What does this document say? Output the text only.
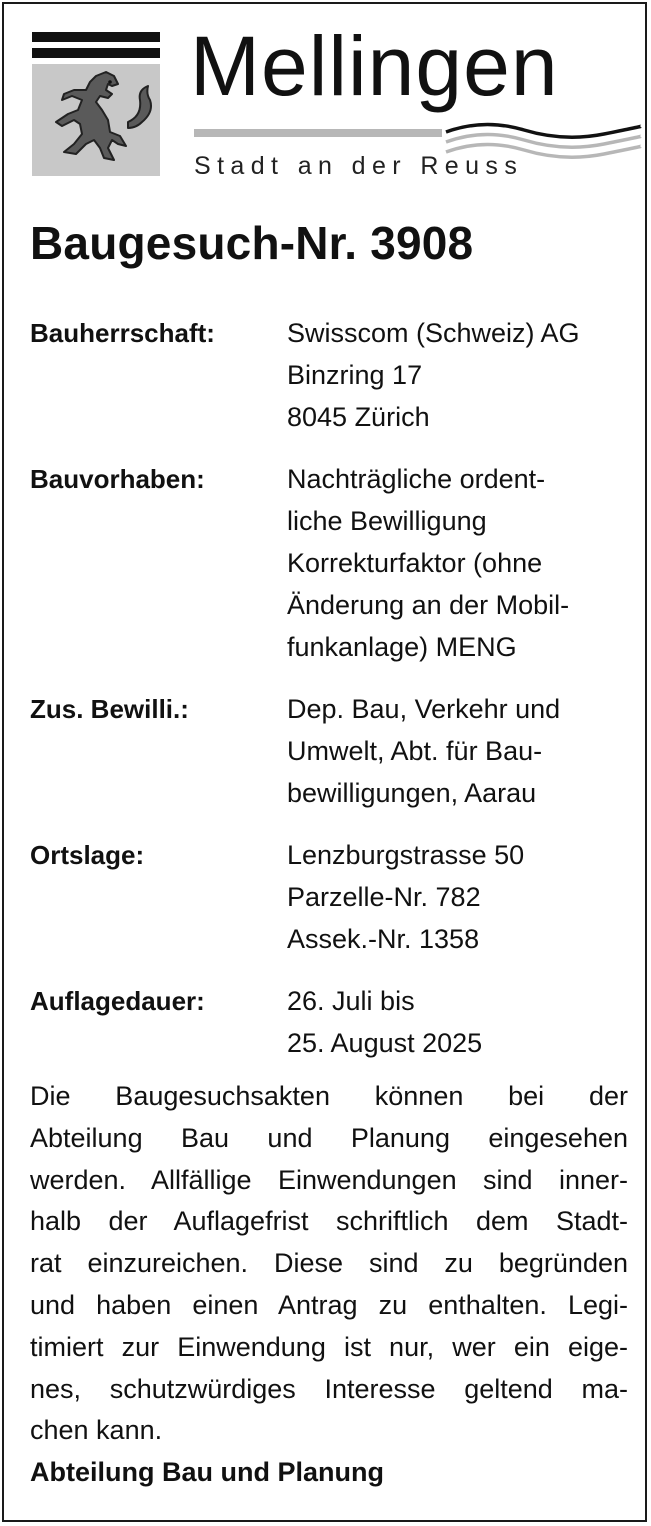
Mellingen

Stadt an der Reuss

Baugesuch-Nr. 3908
Bauherrschaft:	Swisscom (Schweiz) AG
Binzring 17
8045 Zürich
Bauvorhaben:	Nachträgliche ordent-
liche Bewilligung
Korrekturfaktor (ohne
Änderung an der Mobil-
funkanlage) MENG
Zus. Bewilli.:	Dep. Bau, Verkehr und
Umwelt, Abt. für Bau-
bewilligungen, Aarau
Ortslage:	Lenzburgstrasse 50
Parzelle-Nr. 782
Assek.-Nr. 1358
Auflagedauer:	26. Juli bis
25. August 2025
Die Baugesuchsakten können bei der
Abteilung Bau und Planung eingesehen
werden. Allfällige Einwendungen sind inner-
halb der Auflagefrist schriftlich dem Stadt-
rat einzureichen. Diese sind zu begründen
und haben einen Antrag zu enthalten. Legi-
timiert zur Einwendung ist nur, wer ein eige-
nes, schutzwürdiges Interesse geltend ma-
chen kann.

Abteilung Bau und Planung
